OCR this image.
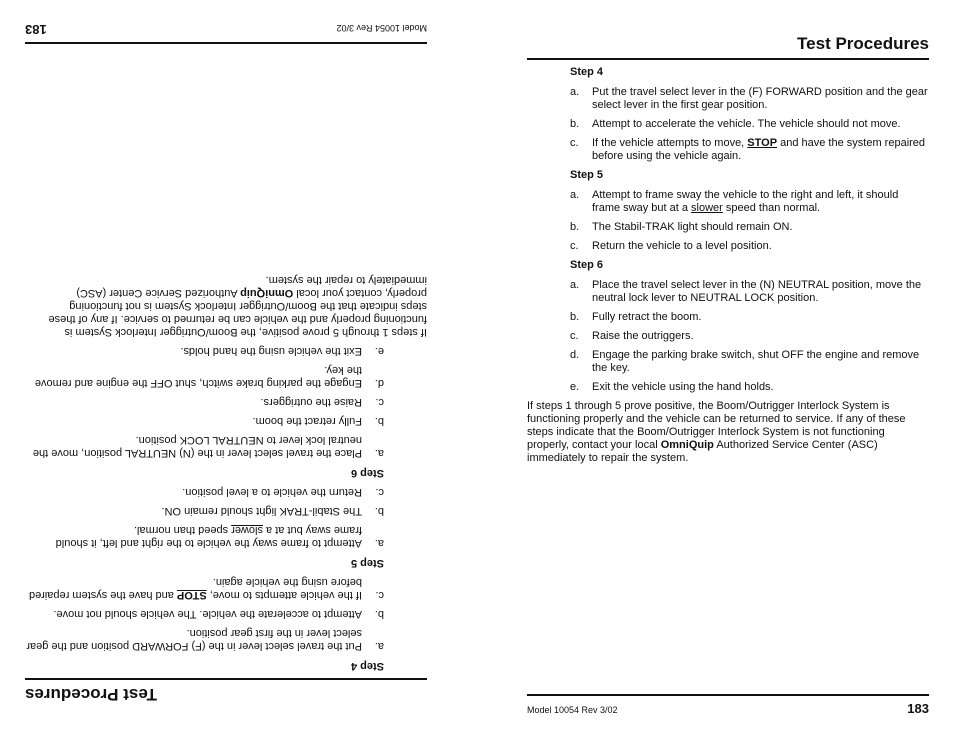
Test Procedures
Step 4
a.
Put the travel select lever in the (F) FORWARD position and the gear select lever in the first gear position.
b.
Attempt to accelerate the vehicle. The vehicle should not move.
c.
If the vehicle attempts to move, STOP and have the system repaired before using the vehicle again.
Step 5
a.
Attempt to frame sway the vehicle to the right and left, it should frame sway but at a slower speed than normal.
b.
The Stabil-TRAK light should remain ON.
c.
Return the vehicle to a level position.
Step 6
a.
Place the travel select lever in the (N) NEUTRAL position, move the neutral lock lever to NEUTRAL LOCK position.
b.
Fully retract the boom.
c.
Raise the outriggers.
d.
Engage the parking brake switch, shut OFF the engine and remove the key.
e.
Exit the vehicle using the hand holds.
If steps 1 through 5 prove positive, the Boom/Outrigger Interlock System is functioning properly and the vehicle can be returned to service. If any of these steps indicate that the Boom/Outrigger Interlock System is not functioning properly, contact your local OmniQuip Authorized Service Center (ASC) immediately to repair the system.
Model 10054 Rev 3/02
183
Test Procedures
Step 4
a.	Put the travel select lever in the (F) FORWARD position and the gear select lever in the first gear position.
b.	Attempt to accelerate the vehicle. The vehicle should not move.
c.	If the vehicle attempts to move, STOP and have the system repaired before using the vehicle again.
Step 5
a.	Attempt to frame sway the vehicle to the right and left, it should frame sway but at a slower speed than normal.
b.	The Stabil-TRAK light should remain ON.
c.	Return the vehicle to a level position.
Step 6
a.	Place the travel select lever in the (N) NEUTRAL position, move the neutral lock lever to NEUTRAL LOCK position.
b.	Fully retract the boom.
c.	Raise the outriggers.
d.	Engage the parking brake switch, shut OFF the engine and remove the key.
e.	Exit the vehicle using the hand holds.
If steps 1 through 5 prove positive, the Boom/Outrigger Interlock System is functioning properly and the vehicle can be returned to service. If any of these steps indicate that the Boom/Outrigger Interlock System is not functioning properly, contact your local OmniQuip Authorized Service Center (ASC) immediately to repair the system.
Model 10054 Rev 3/02	183
